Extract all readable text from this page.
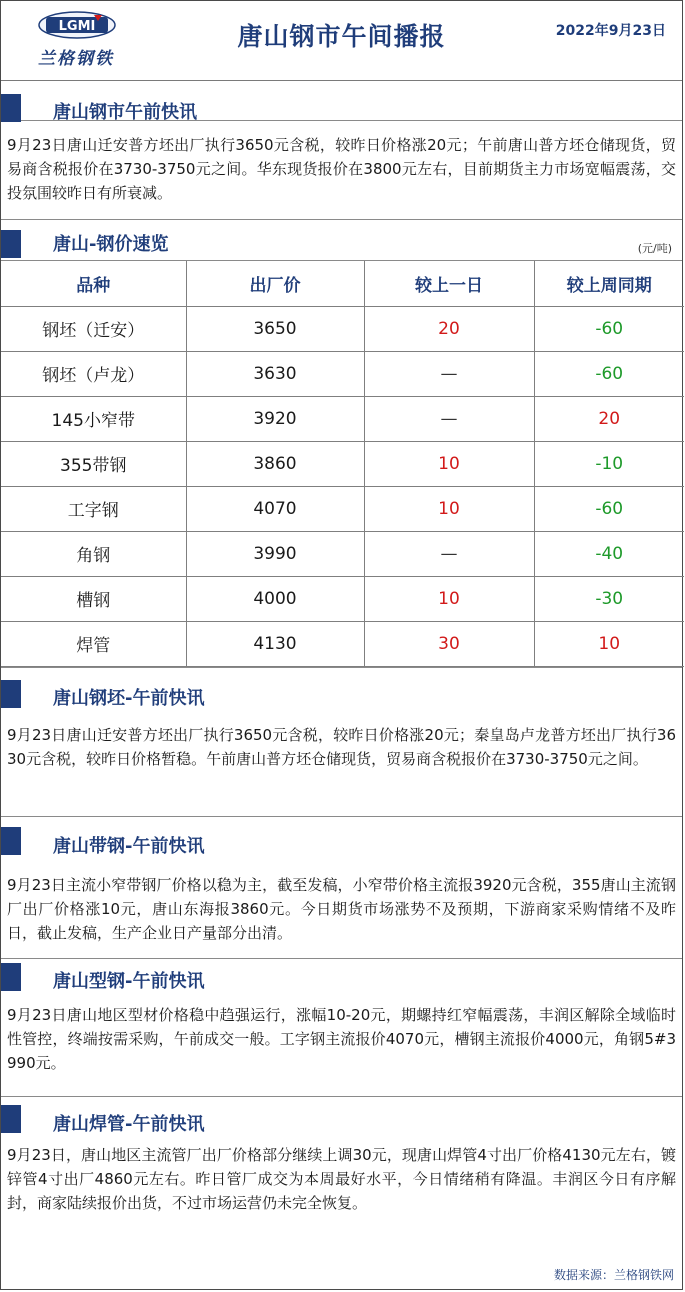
LGMI
兰格钢铁
唐山钢市午间播报	2022年9月23日
唐山钢市午前快讯
9月23日唐山迁安普方坯出厂执行3650元含税，较昨日价格涨20元；午前唐山普方坯仓储现货，贸易商含税报价在3730-3750元之间。华东现货报价在3800元左右，目前期货主力市场宽幅震荡，交投氛围较昨日有所衰减。
唐山-钢价速览	(元/吨)
品种	出厂价	较上一日	较上周同期
钢坯（迁安）	3650	20	-60
钢坯（卢龙）	3630	—	-60
145小窄带	3920	—	20
355带钢	3860	10	-10
工字钢	4070	10	-60
角钢	3990	—	-40
槽钢	4000	10	-30
焊管	4130	30	10
唐山钢坯-午前快讯
9月23日唐山迁安普方坯出厂执行3650元含税，较昨日价格涨20元；秦皇岛卢龙普方坯出厂执行3630元含税，较昨日价格暂稳。午前唐山普方坯仓储现货，贸易商含税报价在3730-3750元之间。
唐山带钢-午前快讯
9月23日主流小窄带钢厂价格以稳为主，截至发稿，小窄带价格主流报3920元含税，355唐山主流钢厂出厂价格涨10元，唐山东海报3860元。今日期货市场涨势不及预期，下游商家采购情绪不及昨日，截止发稿，生产企业日产量部分出清。
唐山型钢-午前快讯
9月23日唐山地区型材价格稳中趋强运行，涨幅10-20元，期螺持红窄幅震荡，丰润区解除全域临时性管控，终端按需采购，午前成交一般。工字钢主流报价4070元，槽钢主流报价4000元，角钢5#3990元。
唐山焊管-午前快讯
9月23日，唐山地区主流管厂出厂价格部分继续上调30元，现唐山焊管4寸出厂价格4130元左右，镀锌管4寸出厂4860元左右。昨日管厂成交为本周最好水平，今日情绪稍有降温。丰润区今日有序解封，商家陆续报价出货，不过市场运营仍未完全恢复。
数据来源：兰格钢铁网
